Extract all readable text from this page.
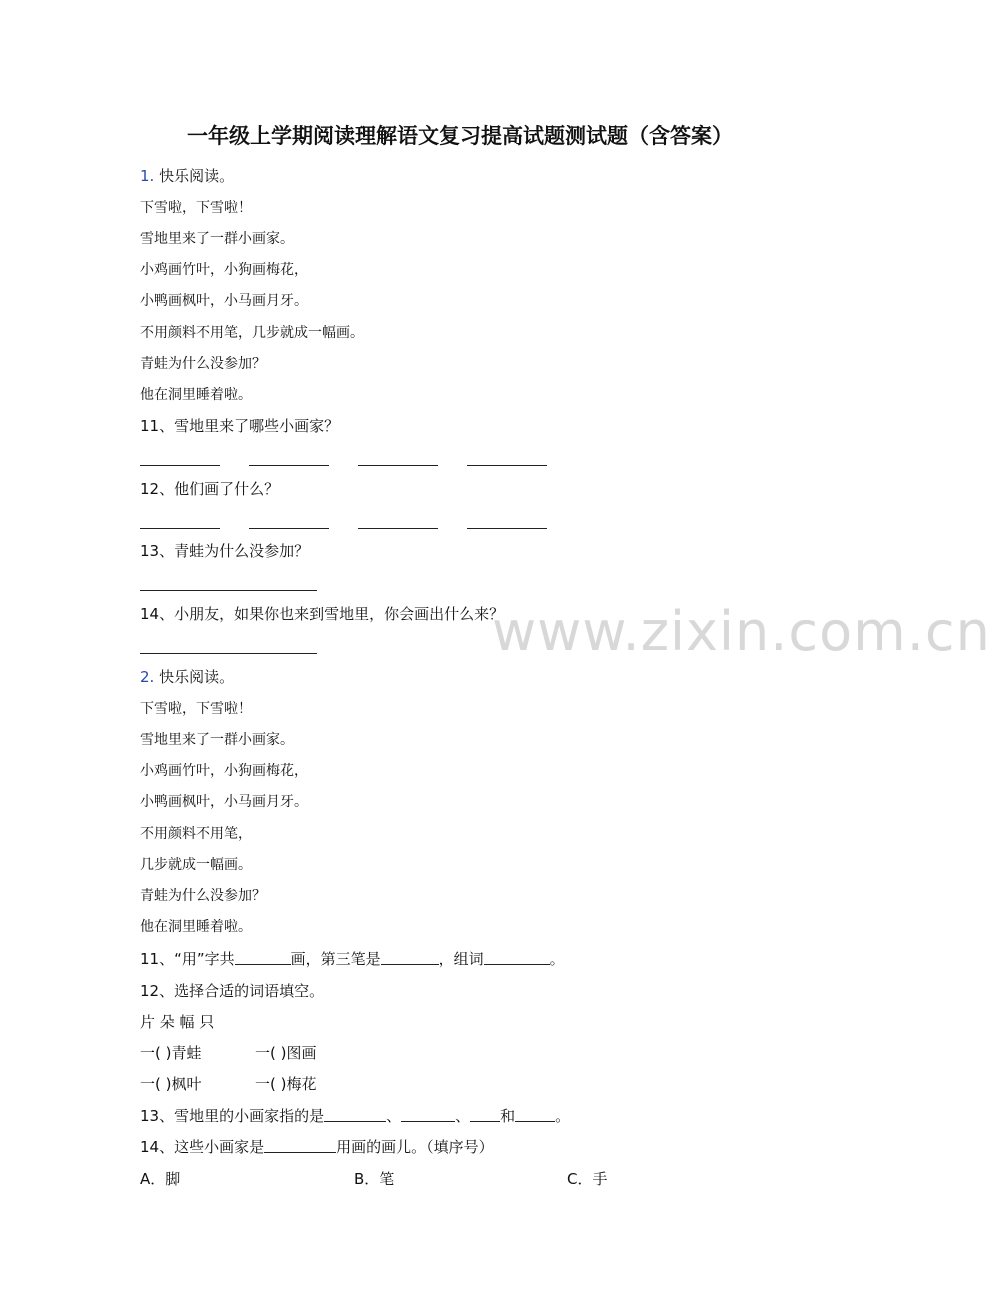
一年级上学期阅读理解语文复习提高试题测试题（含答案）
www.zixin.com.cn
1. 快乐阅读。
下雪啦，下雪啦！
雪地里来了一群小画家。
小鸡画竹叶，小狗画梅花，
小鸭画枫叶，小马画月牙。
不用颜料不用笔，几步就成一幅画。
青蛙为什么没参加？
他在洞里睡着啦。
11、雪地里来了哪些小画家？
12、他们画了什么？
13、青蛙为什么没参加？
14、小朋友，如果你也来到雪地里，你会画出什么来？
2. 快乐阅读。
下雪啦，下雪啦！
雪地里来了一群小画家。
小鸡画竹叶，小狗画梅花，
小鸭画枫叶，小马画月牙。
不用颜料不用笔，
几步就成一幅画。
青蛙为什么没参加？
他在洞里睡着啦。
11、“用”字共	画，第三笔是	，组词	。
12、选择合适的词语填空。
片 朵 幅 只
一( )青蛙	一( )图画
一( )枫叶	一( )梅花
13、雪地里的小画家指的是	、	、 和	。
14、这些小画家是	用画的画儿。（填序号）
A．脚	B．笔	C．手
